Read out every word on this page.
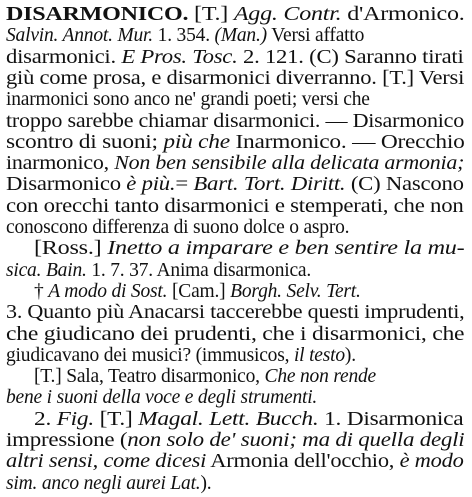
DISARMONICO. [T.] Agg. Contr. d'Armonico.
Salvin. Annot. Mur. 1. 354. (Man.) Versi affatto
disarmonici. E Pros. Tosc. 2. 121. (C) Saranno tirati
giù come prosa, e disarmonici diverranno. [T.] Versi
inarmonici sono anco ne' grandi poeti; versi che
troppo sarebbe chiamar disarmonici. — Disarmonico
scontro di suoni; più che Inarmonico. — Orecchio
inarmonico, Non ben sensibile alla delicata armonia;
Disarmonico è più.= Bart. Tort. Diritt. (C) Nascono
con orecchi tanto disarmonici e stemperati, che non
conoscono differenza di suono dolce o aspro.
[Ross.] Inetto a imparare e ben sentire la mu-
sica. Bain. 1. 7. 37. Anima disarmonica.
† A modo di Sost. [Cam.] Borgh. Selv. Tert.
3. Quanto più Anacarsi taccerebbe questi imprudenti,
che giudicano dei prudenti, che i disarmonici, che
giudicavano dei musici? (immusicos, il testo).
[T.] Sala, Teatro disarmonico, Che non rende
bene i suoni della voce e degli strumenti.
2. Fig. [T.] Magal. Lett. Bucch. 1. Disarmonica
impressione (non solo de' suoni; ma di quella degli
altri sensi, come dicesi Armonia dell'occhio, è modo
sim. anco negli aurei Lat.).
